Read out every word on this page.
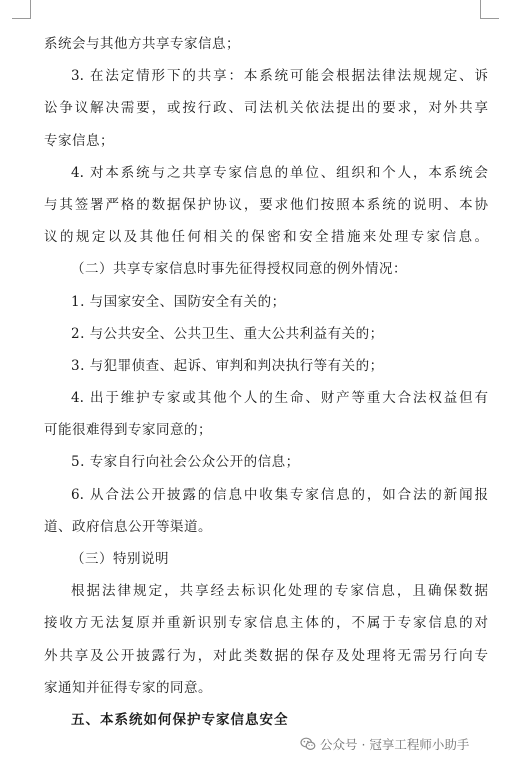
系统会与其他方共享专家信息；
3. 在法定情形下的共享：本系统可能会根据法律法规规定、诉
讼争议解决需要，或按行政、司法机关依法提出的要求，对外共享
专家信息；
4. 对本系统与之共享专家信息的单位、组织和个人，本系统会
与其签署严格的数据保护协议，要求他们按照本系统的说明、本协
议的规定以及其他任何相关的保密和安全措施来处理专家信息。
（二）共享专家信息时事先征得授权同意的例外情况：
1. 与国家安全、国防安全有关的；
2. 与公共安全、公共卫生、重大公共利益有关的；
3. 与犯罪侦查、起诉、审判和判决执行等有关的；
4. 出于维护专家或其他个人的生命、财产等重大合法权益但有
可能很难得到专家同意的；
5. 专家自行向社会公众公开的信息；
6. 从合法公开披露的信息中收集专家信息的，如合法的新闻报
道、政府信息公开等渠道。
（三）特别说明
根据法律规定，共享经去标识化处理的专家信息，且确保数据
接收方无法复原并重新识别专家信息主体的，不属于专家信息的对
外共享及公开披露行为，对此类数据的保存及处理将无需另行向专
家通知并征得专家的同意。
五、本系统如何保护专家信息安全
公众号 · 冠享工程师小助手
